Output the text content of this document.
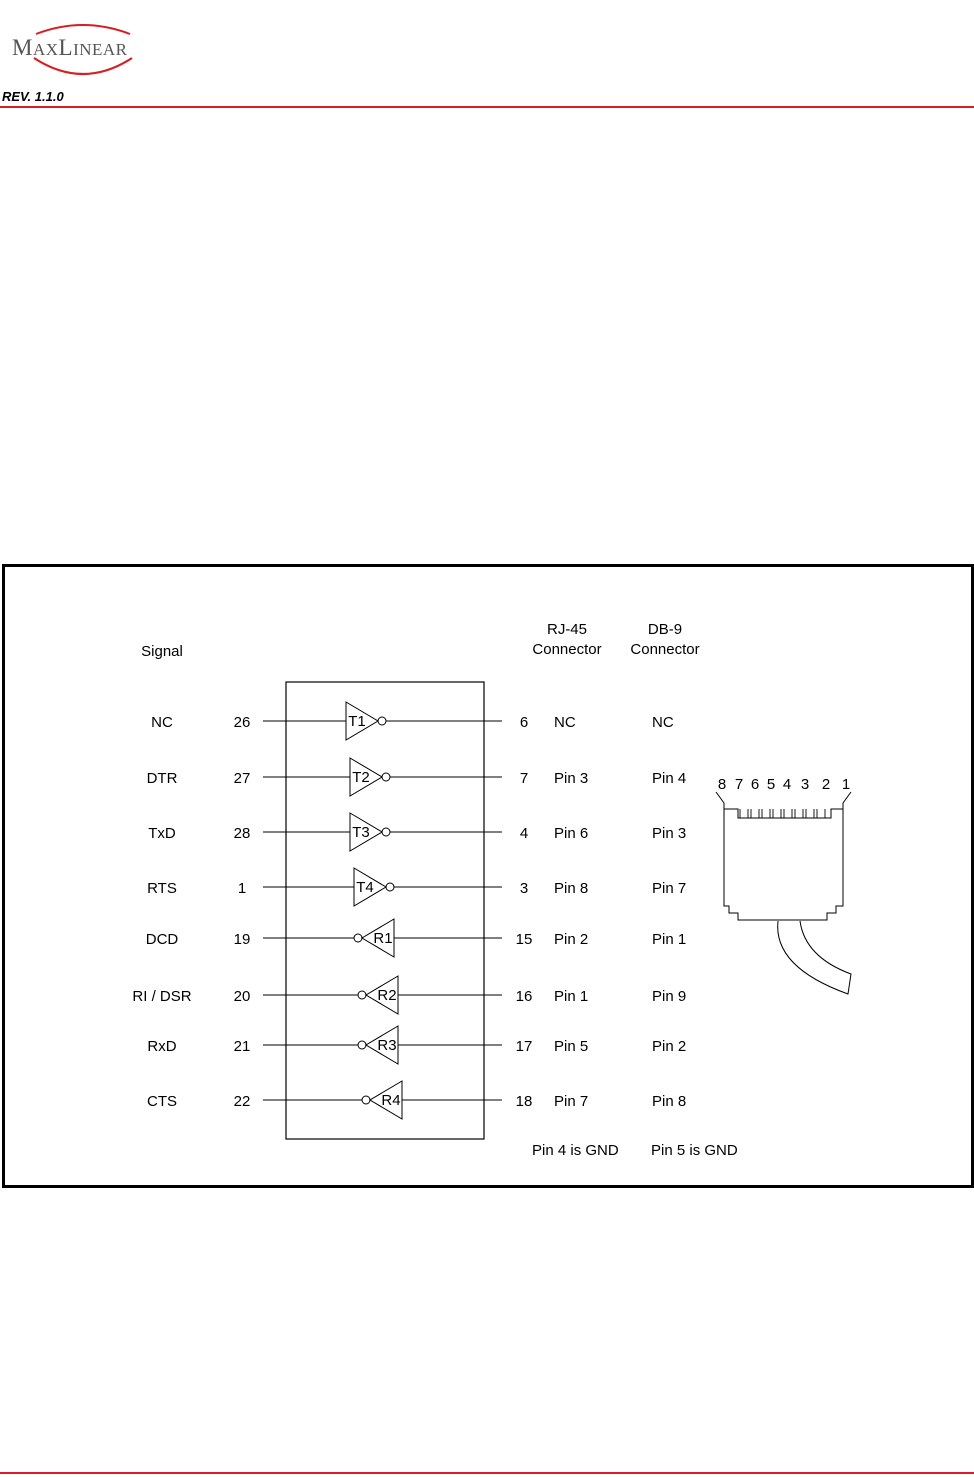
MAXLINEAR
REV. 1.1.0
Signal
RJ-45
Connector
DB-9
Connector
Pin 4 is GND Pin 5 is GND
NC	26	6 NC	NC
T1
DTR	27	7 Pin 3	Pin 4
T2
TxD	28	4 Pin 6	Pin 3
T3
RTS	1	3 Pin 8	Pin 7
T4
DCD	19	15 Pin 2	Pin 1
R1
RI / DSR	20	16 Pin 1	Pin 9
R2
RxD	21	17 Pin 5	Pin 2
R3
CTS	22	18 Pin 7	Pin 8
R4
8 7 6 5 4 3 2 1
